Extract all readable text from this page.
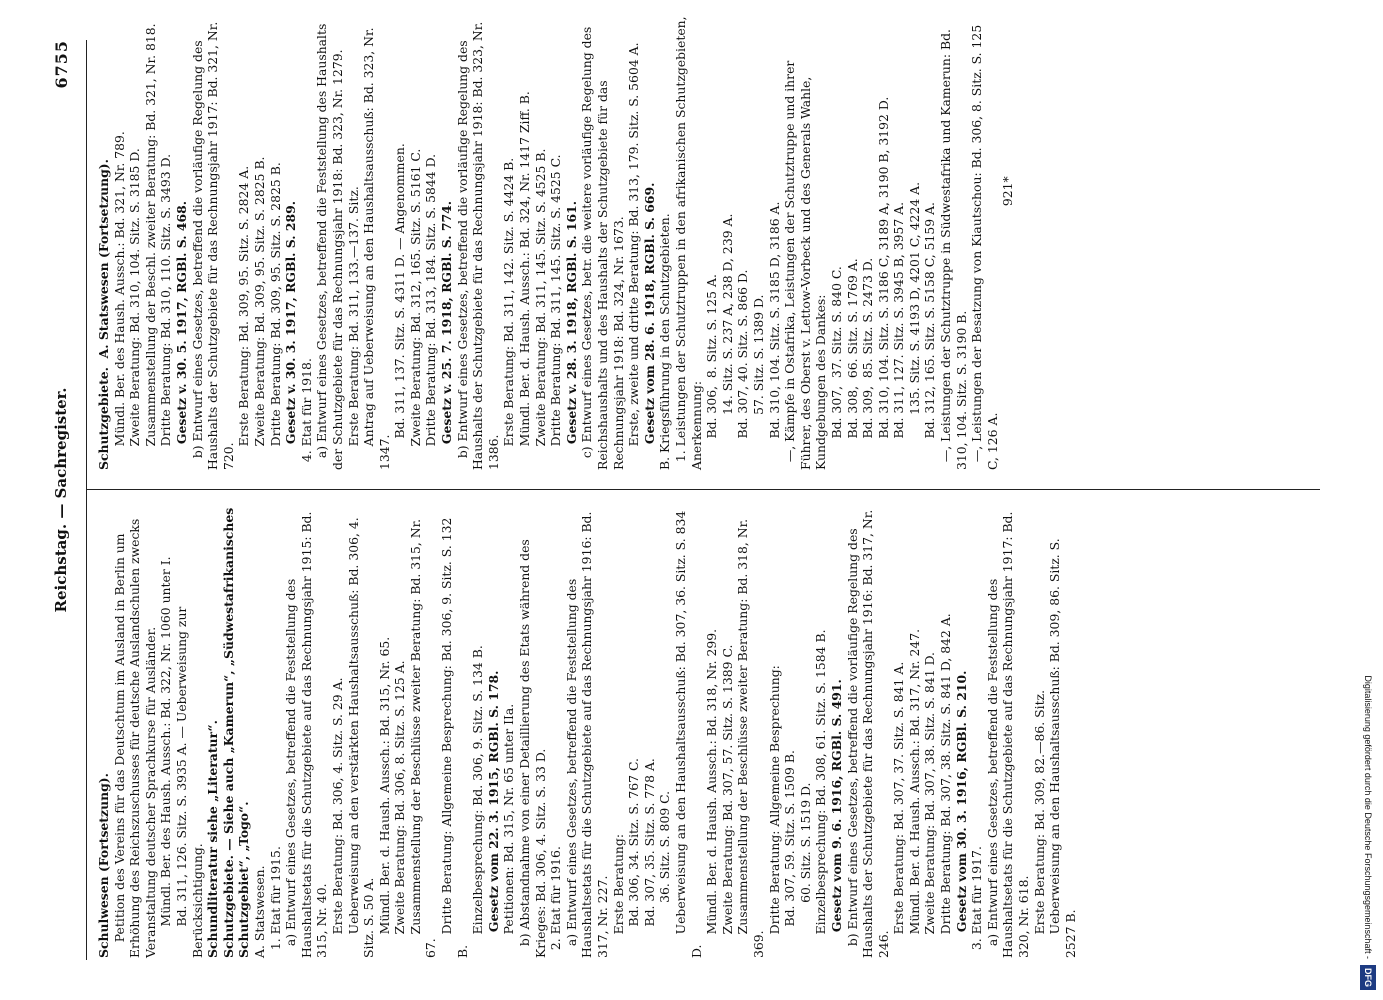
Reichstag. — Sachregister.
6755

Schulwesen (Fortsetzung). Petition des Vereins für das Deutschtum im Ausland in Berlin um Erhöhung des Reichszuschusses für deutsche Auslandschulen zwecks Veranstaltung deutscher Sprachkurse für Ausländer. Mündl. Ber. des Haush. Aussch.: Bd. 322, Nr. 1060 unter I.

Bd. 311, 126. Sitz. S. 3935 A. — Ueberweisung zur Berücksichtigung. Schundliteratur siehe „Literatur“. Schutzgebiete. — Siehe auch „Kamerun“, „Südwestafrikanisches Schutzgebiet“, „Togo“. A. Statswesen. 1. Etat für 1915.

a) Entwurf eines Gesetzes, betreffend die Feststellung des Haushaltsetats für die Schutzgebiete auf das Rechnungsjahr 1915: Bd. 315, Nr. 40. Erste Beratung: Bd. 306, 4. Sitz. S. 29 A.

Ueberweisung an den verstärkten Haushaltsausschuß: Bd. 306, 4. Sitz. S. 50 A. Mündl. Ber. d. Haush. Aussch.: Bd. 315, Nr. 65.

Zweite Beratung: Bd. 306, 8. Sitz. S. 125 A.

Zusammenstellung der Beschlüsse zweiter Beratung: Bd. 315, Nr. 67. Dritte Beratung: Allgemeine Besprechung: Bd. 306, 9. Sitz. S. 132 B. Einzelbesprechung: Bd. 306, 9. Sitz. S. 134 B.

Gesetz vom 22. 3. 1915, RGBl. S. 178.

Petitionen: Bd. 315, Nr. 65 unter IIa.

b) Abstandnahme von einer Detaillierung des Etats während des Krieges: Bd. 306, 4. Sitz. S. 33 D. 2. Etat für 1916.

a) Entwurf eines Gesetzes, betreffend die Feststellung des Haushaltsetats für die Schutzgebiete auf das Rechnungsjahr 1916: Bd. 317, Nr. 227. Erste Beratung:

Bd. 306, 34. Sitz. S. 767 C.

Bd. 307, 35. Sitz. S. 778 A.

36. Sitz. S. 809 C.

Ueberweisung an den Haushaltsausschuß: Bd. 307, 36. Sitz. S. 834 D. Mündl. Ber. d. Haush. Aussch.: Bd. 318, Nr. 299.

Zweite Beratung: Bd. 307, 57. Sitz. S. 1389 C.

Zusammenstellung der Beschlüsse zweiter Beratung: Bd. 318, Nr. 369. Dritte Beratung: Allgemeine Besprechung:

Bd. 307, 59. Sitz. S. 1509 B.

60. Sitz. S. 1519 D.

Einzelbesprechung: Bd. 308, 61. Sitz. S. 1584 B.

Gesetz vom 9. 6. 1916, RGBl. S. 491.

b) Entwurf eines Gesetzes, betreffend die vorläufige Regelung des Haushalts der Schutzgebiete für das Rechnungsjahr 1916: Bd. 317, Nr. 246. Erste Beratung: Bd. 307, 37. Sitz. S. 841 A.

Mündl. Ber. d. Haush. Aussch.: Bd. 317, Nr. 247.

Zweite Beratung: Bd. 307, 38. Sitz. S. 841 D.

Dritte Beratung: Bd. 307, 38. Sitz. S. 841 D, 842 A.

Gesetz vom 30. 3. 1916, RGBl. S. 210.

3. Etat für 1917.

a) Entwurf eines Gesetzes, betreffend die Feststellung des Haushaltsetats für die Schutzgebiete auf das Rechnungsjahr 1917: Bd. 320, Nr. 618. Erste Beratung: Bd. 309, 82.—86. Sitz.

Ueberweisung an den Haushaltsausschuß: Bd. 309, 86. Sitz. S. 2527 B.

Schutzgebiete.  A. Statswesen (Fortsetzung). Mündl. Ber. des Haush. Aussch.: Bd. 321, Nr. 789.

Zweite Beratung: Bd. 310, 104. Sitz. S. 3185 D.

Zusammenstellung der Beschl. zweiter Beratung: Bd. 321, Nr. 818.

Dritte Beratung: Bd. 310, 110. Sitz. S. 3493 D.

Gesetz v. 30. 5. 1917, RGBl. S. 468.

b) Entwurf eines Gesetzes, betreffend die vorläufige Regelung des Haushalts der Schutzgebiete für das Rechnungsjahr 1917: Bd. 321, Nr. 720. Erste Beratung: Bd. 309, 95. Sitz. S. 2824 A.

Zweite Beratung: Bd. 309, 95. Sitz. S. 2825 B.

Dritte Beratung: Bd. 309, 95. Sitz. S. 2825 B.

Gesetz v. 30. 3. 1917, RGBl. S. 289.

4. Etat für 1918.

a) Entwurf eines Gesetzes, betreffend die Feststellung des Haushalts der Schutzgebiete für das Rechnungsjahr 1918: Bd. 323, Nr. 1279. Erste Beratung: Bd. 311, 133.—137. Sitz.

Antrag auf Ueberweisung an den Haushaltsausschuß: Bd. 323, Nr. 1347. Bd. 311, 137. Sitz. S. 4311 D. — Angenommen.

Zweite Beratung: Bd. 312, 165. Sitz. S. 5161 C.

Dritte Beratung: Bd. 313, 184. Sitz. S. 5844 D.

Gesetz v. 25. 7. 1918, RGBl. S. 774.

b) Entwurf eines Gesetzes, betreffend die vorläufige Regelung des Haushalts der Schutzgebiete für das Rechnungsjahr 1918: Bd. 323, Nr. 1386. Erste Beratung: Bd. 311, 142. Sitz. S. 4424 B.

Mündl. Ber. d. Haush. Aussch.: Bd. 324, Nr. 1417 Ziff. B.

Zweite Beratung: Bd. 311, 145. Sitz. S. 4525 B.

Dritte Beratung: Bd. 311, 145. Sitz. S. 4525 C.

Gesetz v. 28. 3. 1918, RGBl. S. 161.

c) Entwurf eines Gesetzes, betr. die weitere vorläufige Regelung des Reichshaushalts und des Haushalts der Schutzgebiete für das Rechnungsjahr 1918: Bd. 324, Nr. 1673. Erste, zweite und dritte Beratung: Bd. 313, 179. Sitz. S. 5604 A.

Gesetz vom 28. 6. 1918, RGBl. S. 669. B. Kriegsführung in den Schutzgebieten. 1. Leistungen der Schutztruppen in den afrikanischen Schutzgebieten, Anerkennung: Bd. 306,  8. Sitz. S. 125 A.

14. Sitz. S. 237 A, 238 D, 239 A.

Bd. 307, 40. Sitz. S. 866 D.

57. Sitz. S. 1389 D.

Bd. 310, 104. Sitz. S. 3185 D, 3186 A.

—, Kämpfe in Ostafrika, Leistungen der Schutztruppe und ihrer Führer, des Oberst v. Lettow-Vorbeck und des Generals Wahle, Kundgebungen des Dankes: Bd. 307,  37. Sitz. S. 840 C.

Bd. 308,  66. Sitz. S. 1769 A.

Bd. 309,  85. Sitz. S. 2473 D.

Bd. 310, 104. Sitz. S. 3186 C, 3189 A, 3190 B, 3192 D.

Bd. 311, 127. Sitz. S. 3945 B, 3957 A.

135. Sitz. S. 4193 D, 4201 C, 4224 A.

Bd. 312, 165. Sitz. S. 5158 C, 5159 A.

—, Leistungen der Schutztruppe in Südwestafrika und Kamerun: Bd. 310, 104. Sitz. S. 3190 B. —, Leistungen der Besatzung von Kiautschou: Bd. 306, 8. Sitz. S. 125 C, 126 A. 921*

Digitalisierung gefördert durch die Deutsche Forschungsgemeinschaft -DFG
